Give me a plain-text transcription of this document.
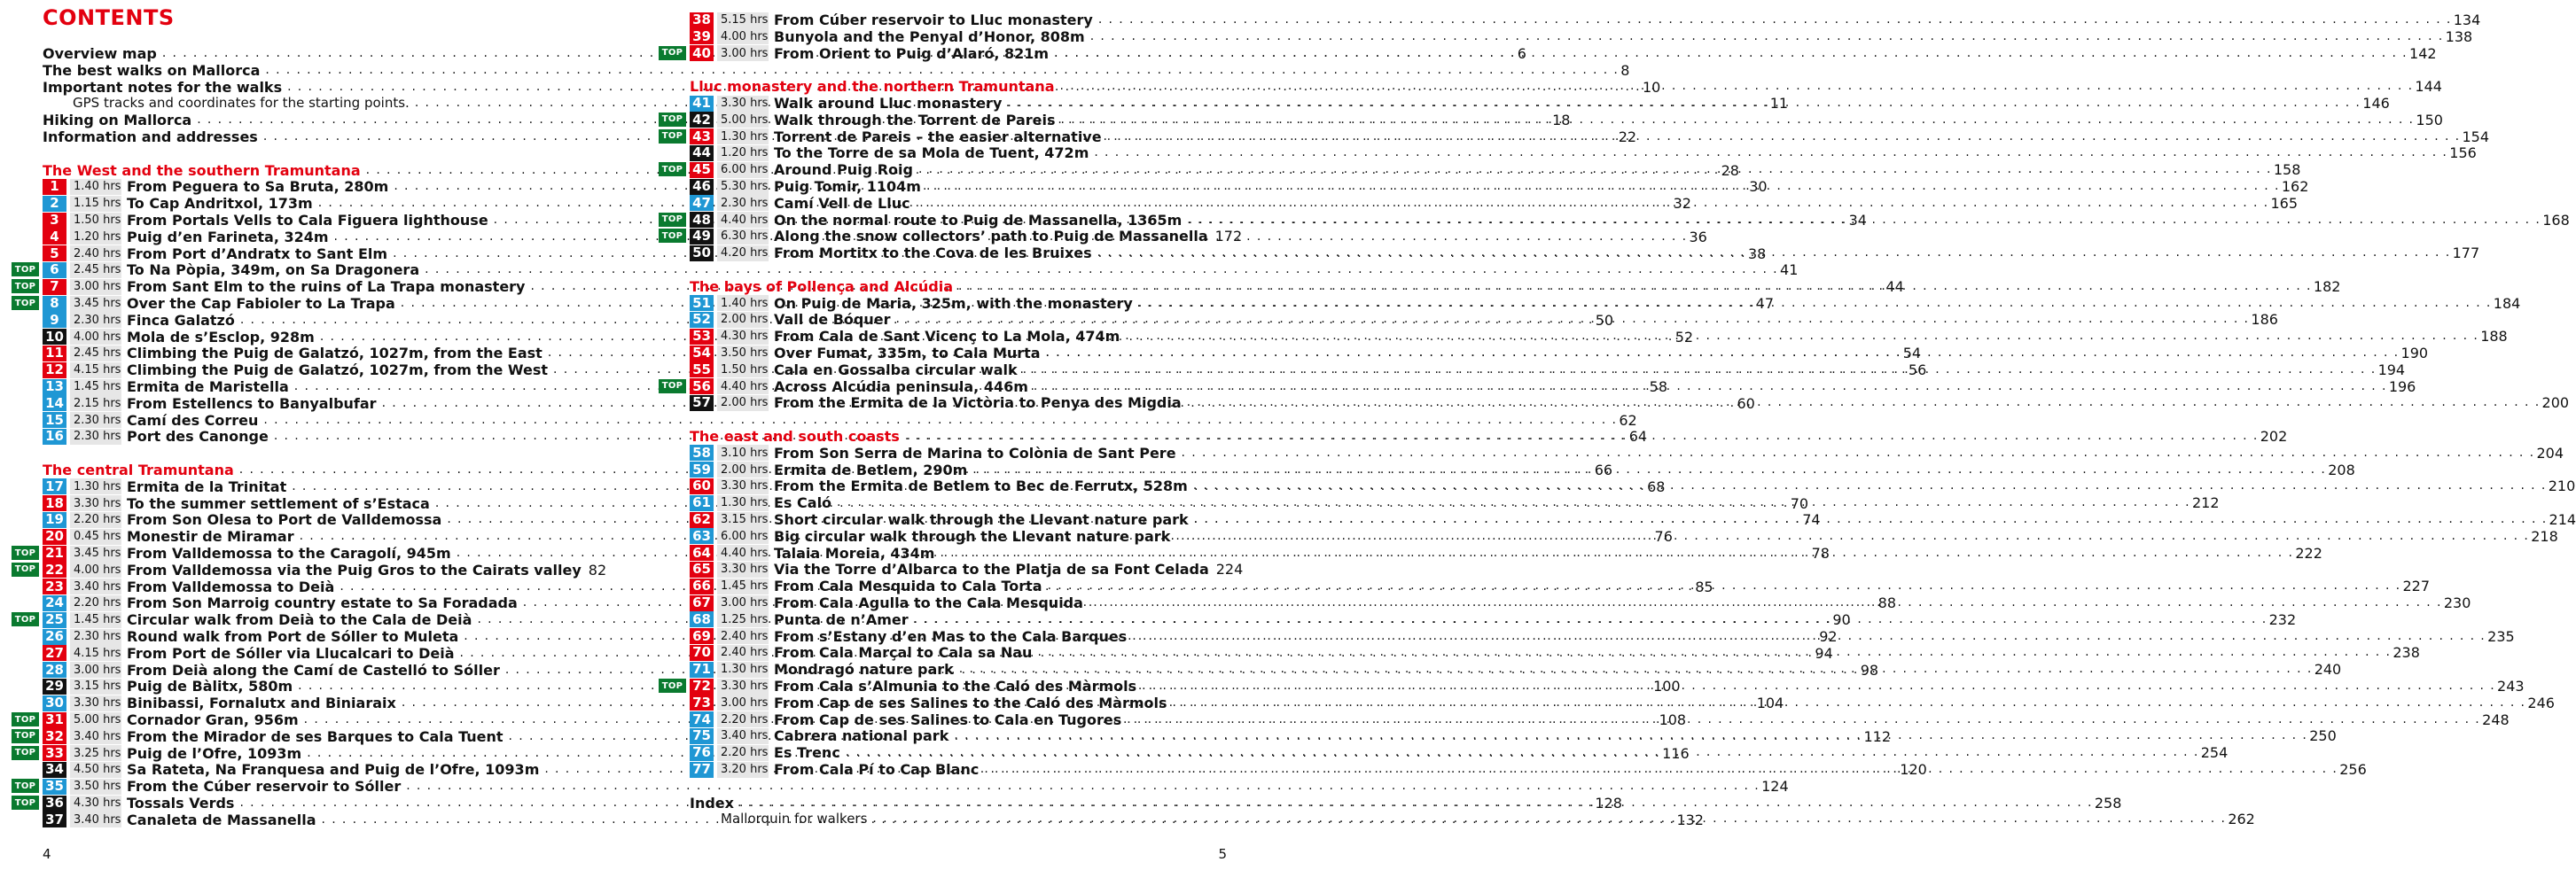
CONTENTS
Overview map . . .	6
The best walks on Mallorca . . .	8
Important notes for the walks . . .	10
GPS tracks and coordinates for the starting points. . . .	11
Hiking on Mallorca . . .	18
Information and addresses . . .	22
The West and the southern Tramuntana . . .	28
1	1.40 hrs From Peguera to Sa Bruta, 280m . . .	30
2	1.15 hrs To Cap Andritxol, 173m . . .	32
3	1.50 hrs From Portals Vells to Cala Figuera lighthouse . . .	34
4	1.20 hrs Puig d’en Farineta, 324m . . .	36
5	2.40 hrs From Port d’Andratx to Sant Elm . . .	38
TOP	6	2.45 hrs To Na Pòpia, 349m, on Sa Dragonera . . .	41
TOP	7	3.00 hrs From Sant Elm to the ruins of La Trapa monastery . . .	44
TOP	8	3.45 hrs Over the Cap Fabioler to La Trapa . . .	47
9	2.30 hrs Finca Galatzó . . .	50
10 4.00 hrs Mola de s’Esclop, 928m . . .	52
11 2.45 hrs Climbing the Puig de Galatzó, 1027m, from the East . . .	54
12 4.15 hrs Climbing the Puig de Galatzó, 1027m, from the West . . .	56
13 1.45 hrs Ermita de Maristella . . .	58
14 2.15 hrs From Estellencs to Banyalbufar . . .	60
15 2.30 hrs Camí des Correu . . .	62
16 2.30 hrs Port des Canonge . . .	64
The central Tramuntana . . .	66
17 1.30 hrs Ermita de la Trinitat . . .	68
18 3.30 hrs To the summer settlement of s’Estaca . . .	70
19 2.20 hrs From Son Olesa to Port de Valldemossa . . .	74
20 0.45 hrs Monestir de Miramar . . .	76
TOP 21 3.45 hrs From Valldemossa to the Caragolí, 945m . . .	78
TOP 22 4.00 hrs From Valldemossa via the Puig Gros to the Cairats valley 82
23 3.40 hrs From Valldemossa to Deià . . .	85
24 2.20 hrs From Son Marroig country estate to Sa Foradada . . .	88
TOP 25 1.45 hrs Circular walk from Deià to the Cala de Deià . . .	90
26 2.30 hrs Round walk from Port de Sóller to Muleta . . .	92
27 4.15 hrs From Port de Sóller via Llucalcari to Deià . . .	94
28 3.00 hrs From Deià along the Camí de Castelló to Sóller . . .	98
29 3.15 hrs Puig de Bàlitx, 580m . . .	100
30 3.30 hrs Binibassi, Fornalutx and Biniaraix . . .	104
TOP 31 5.00 hrs Cornador Gran, 956m . . .	108
TOP 32 3.40 hrs From the Mirador de ses Barques to Cala Tuent . . .	112
TOP 33 3.25 hrs Puig de l’Ofre, 1093m . . .	116
34 4.50 hrs Sa Rateta, Na Franquesa and Puig de l’Ofre, 1093m . . .	120
TOP 35 3.50 hrs From the Cúber reservoir to Sóller . . .	124
TOP 36 4.30 hrs Tossals Verds . . .	128
37 3.40 hrs Canaleta de Massanella . . .	132
4
38 5.15 hrs From Cúber reservoir to Lluc monastery . . .	134
39 4.00 hrs Bunyola and the Penyal d’Honor, 808m . . .	138
TOP 40 3.00 hrs From Orient to Puig d’Alaró, 821m . . .	142
Lluc monastery and the northern Tramuntana . . .	144
41 3.30 hrs Walk around Lluc monastery . . .	146
TOP 42 5.00 hrs Walk through the Torrent de Pareis . . .	150
TOP 43 1.30 hrs Torrent de Pareis – the easier alternative . . .	154
44 1.20 hrs To the Torre de sa Mola de Tuent, 472m . . .	156
TOP 45 6.00 hrs Around Puig Roig . . .	158
46 5.30 hrs Puig Tomir, 1104m . . .	162
47 2.30 hrs Camí Vell de Lluc . . .	165
TOP 48 4.40 hrs On the normal route to Puig de Massanella, 1365m . . .	168
TOP 49 6.30 hrs Along the snow collectors’ path to Puig de Massanella 172
50 4.20 hrs From Mortitx to the Cova de les Bruixes . . .	177
The bays of Pollença and Alcúdia . . .	182
51 1.40 hrs On Puig de Maria, 325m, with the monastery . . .	184
52 2.00 hrs Vall de Bóquer . . .	186
53 4.30 hrs From Cala de Sant Vicenç to La Mola, 474m . . .	188
54 3.50 hrs Over Fumat, 335m, to Cala Murta . . .	190
55 1.50 hrs Cala en Gossalba circular walk . . .	194
TOP 56 4.40 hrs Across Alcúdia peninsula, 446m . . .	196
57 2.00 hrs From the Ermita de la Victòria to Penya des Migdia . . .	200
The east and south coasts . . .	202
58 3.10 hrs From Son Serra de Marina to Colònia de Sant Pere . . .	204
59 2.00 hrs Ermita de Betlem, 290m . . .	208
60 3.30 hrs From the Ermita de Betlem to Bec de Ferrutx, 528m . . .	210
61 1.30 hrs Es Caló . . .	212
62 3.15 hrs Short circular walk through the Llevant nature park . . .	214
63 6.00 hrs Big circular walk through the Llevant nature park . . .	218
64 4.40 hrs Talaia Moreia, 434m . . .	222
65 3.30 hrs Via the Torre d’Albarca to the Platja de sa Font Celada 224
66 1.45 hrs From Cala Mesquida to Cala Torta . . .	227
67 3.00 hrs From Cala Agulla to the Cala Mesquida . . .	230
68 1.25 hrs Punta de n’Amer . . .	232
69 2.40 hrs From s’Estany d’en Mas to the Cala Barques . . .	235
70 2.40 hrs From Cala Marçal to Cala sa Nau . . .	238
71 1.30 hrs Mondragó nature park . . .	240
TOP 72 3.30 hrs From Cala s’Almunia to the Caló des Màrmols . . .	243
73 3.00 hrs From Cap de ses Salines to the Caló des Màrmols . . .	246
74 2.20 hrs From Cap de ses Salines to Cala en Tugores . . .	248
75 3.40 hrs Cabrera national park . . .	250
76 2.20 hrs Es Trenc . . .	254
77 3.20 hrs From Cala Pí to Cap Blanc . . .	256
Index . . .	258
Mallorquin for walkers . . .	262
5
